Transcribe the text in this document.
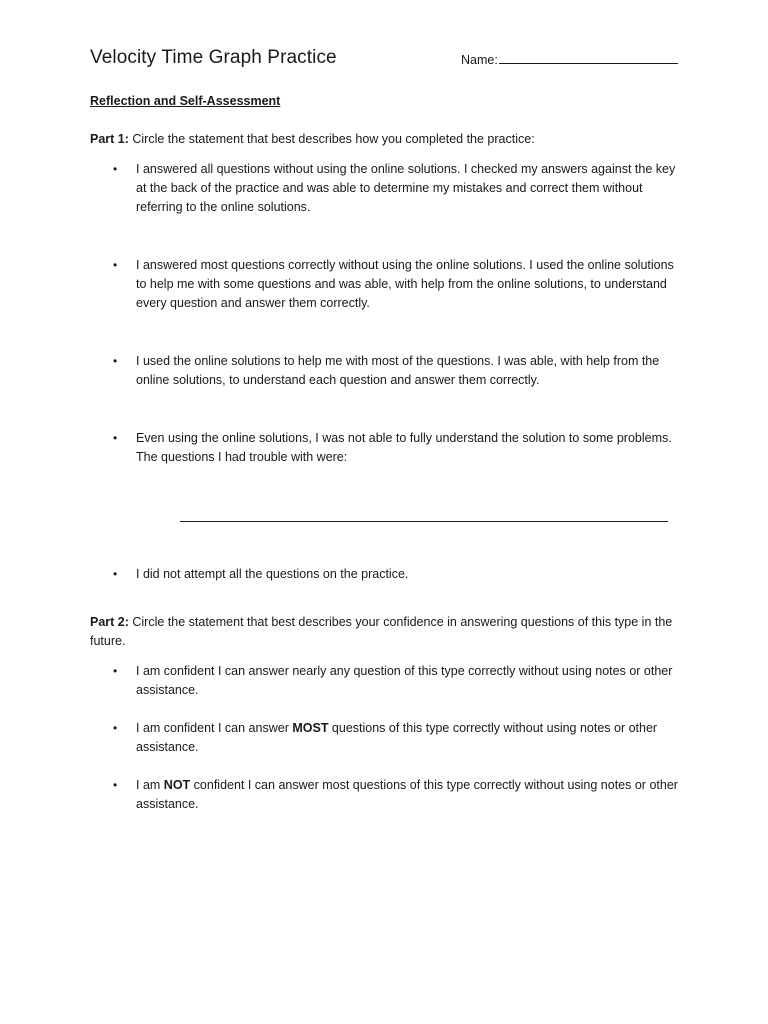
Velocity Time Graph Practice	Name:
Reflection and Self-Assessment
Part 1: Circle the statement that best describes how you completed the practice:
• I answered all questions without using the online solutions. I checked my answers against the key at the back of the practice and was able to determine my mistakes and correct them without referring to the online solutions.
• I answered most questions correctly without using the online solutions. I used the online solutions to help me with some questions and was able, with help from the online solutions, to understand every question and answer them correctly.
• I used the online solutions to help me with most of the questions. I was able, with help from the online solutions, to understand each question and answer them correctly.
• Even using the online solutions, I was not able to fully understand the solution to some problems. The questions I had trouble with were:
• I did not attempt all the questions on the practice.
Part 2: Circle the statement that best describes your confidence in answering questions of this type in the future.
• I am confident I can answer nearly any question of this type correctly without using notes or other assistance.
• I am confident I can answer MOST questions of this type correctly without using notes or other assistance.
• I am NOT confident I can answer most questions of this type correctly without using notes or other assistance.
